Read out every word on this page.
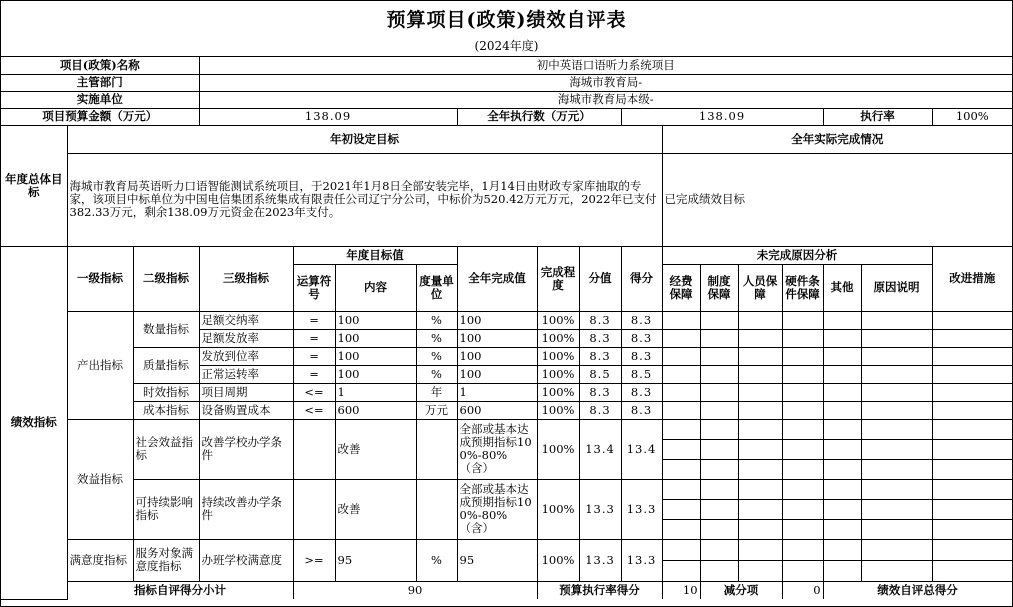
预算项目(政策)绩效自评表
(2024年度)
项目(政策)名称			初中英语口语听力系统项目															
主管部门			海城市教育局-															
实施单位			海城市教育局本级-															
项目预算金额（万元）			138.09				全年执行数（万元）			138.09					执行率		100%	
年度总体目标	年初设定目标										全年实际完成情况							
	海城市教育局英语听力口语智能测试系统项目，于2021年1月8日全部安装完毕，1月14日由财政专家库抽取的专家，该项目中标单位为中国电信集团系统集成有限责任公司辽宁分公司，中标价为520.42万元万元，2022年已支付382.33万元，剩余138.09万元资金在2023年支付。										已完成绩效目标							
绩效指标	一级指标	二级指标	三级指标	年度目标值			全年完成值	完成程度	分值	得分	未完成原因分析						改进措施	
				运算符号	内容	度量单位					经费保障	制度保障	人员保障	硬件条件保障	其他	原因说明		
	产出指标	数量指标	足额交纳率	=	100	%	100	100%	8.3	8.3								
			足额发放率	=	100	%	100	100%	8.3	8.3								
		质量指标	发放到位率	=	100	%	100	100%	8.3	8.3								
			正常运转率	=	100	%	100	100%	8.5	8.5								
		时效指标	项目周期	<=	1	年	1	100%	8.3	8.3								
		成本指标	设备购置成本	<=	600	万元	600	100%	8.3	8.3								
	效益指标	社会效益指标	改善学校办学条件		改善		全部或基本达成预期指标100%-80%（含）	100%	13.4	13.4								

		可持续影响指标	持续改善办学条件		改善		全部或基本达成预期指标100%-80%（含）	100%	13.3	13.3								

	满意度指标	服务对象满意度指标	办班学校满意度	>=	95	%	95	100%	13.3	13.3								

	指标自评得分小计			90				预算执行率得分			10	减分项		0	绩效自评总得分	
